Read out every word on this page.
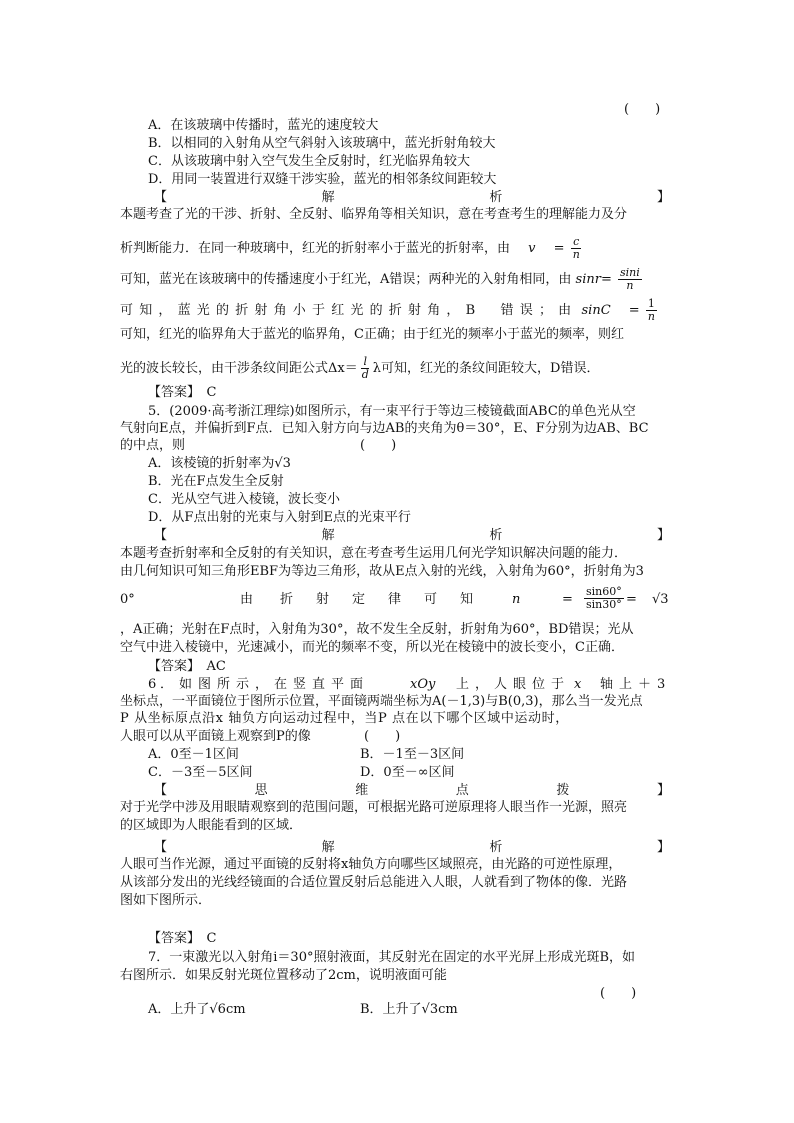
(　　)
A．在该玻璃中传播时，蓝光的速度较大
B．以相同的入射角从空气斜射入该玻璃中，蓝光折射角较大
C．从该玻璃中射入空气发生全反射时，红光临界角较大
D．用同一装置进行双缝干涉实验，蓝光的相邻条纹间距较大
【	解	析	】
本题考查了光的干涉、折射、全反射、临界角等相关知识，意在考查考生的理解能力及分
析判断能力．在同一种玻璃中，红光的折射率小于蓝光的折射率，由 $v = \frac{c}{n}$
可知，蓝光在该玻璃中的传播速度小于红光，A错误；两种光的入射角相同，由 $\sin r= \frac{\sin i}{n}$
可知，蓝光的折射角小于红光的折射角，B　错误；由 $\sin C = \frac{1}{n}$
可知，红光的临界角大于蓝光的临界角，C正确；由于红光的频率小于蓝光的频率，则红
光的波长较长，由干涉条纹间距公式$\Delta x= \frac{l}{d}$ λ可知，红光的条纹间距较大，D错误．
【答案】　C
5．(2009·高考浙江理综)如图所示，有一束平行于等边三棱镜截面ABC的单色光从空
气射向E点，并偏折到F点．已知入射方向与边AB的夹角为θ＝30°，E、F分别为边AB、BC
的中点，则	(　　)
A．该棱镜的折射率为√3
B．光在F点发生全反射
C．光从空气进入棱镜，波长变小
D．从F点出射的光束与入射到E点的光束平行
【	解	析	】
本题考查折射率和全反射的有关知识，意在考查考生运用几何光学知识解决问题的能力．
由几何知识可知三角形EBF为等边三角形，故从E点入射的光线，入射角为60°，折射角为3
0°	由 折 射 定 律 可 知	n	= $\frac{\sin 60^\circ}{\sin 30^\circ} = √3$
，A正确；光射在F点时，入射角为30°，故不发生全反射，折射角为60°，BD错误；光从
空气中进入棱镜中，光速减小，而光的频率不变，所以光在棱镜中的波长变小，C正确．
【答案】　AC
6 ．如图所示，在竖直平面	xOy 上，人眼位于 x 轴上＋3
坐标点，一平面镜位于图所示位置，平面镜两端坐标为A(－1,3)与B(0,3)，那么当一发光点
P 从坐标原点沿x 轴负方向运动过程中，当P 点在以下哪个区域中运动时，
人眼可以从平面镜上观察到P的像	(　　)
A．0至－1区间	B．－1至－3区间
C．－3至－5区间	D．0至－∞区间
【	思	维	点	拨	】
对于光学中涉及用眼睛观察到的范围问题，可根据光路可逆原理将人眼当作一光源，照亮
的区域即为人眼能看到的区域．
【	解	析	】
人眼可当作光源，通过平面镜的反射将x轴负方向哪些区域照亮，由光路的可逆性原理，
从该部分发出的光线经镜面的合适位置反射后总能进入人眼，人就看到了物体的像．光路
图如下图所示．
【答案】　C
7．一束激光以入射角i＝30°照射液面，其反射光在固定的水平光屏上形成光斑B，如
右图所示．如果反射光斑位置移动了2cm，说明液面可能
(　　)
A．上升了√6cm	B．上升了√3cm
